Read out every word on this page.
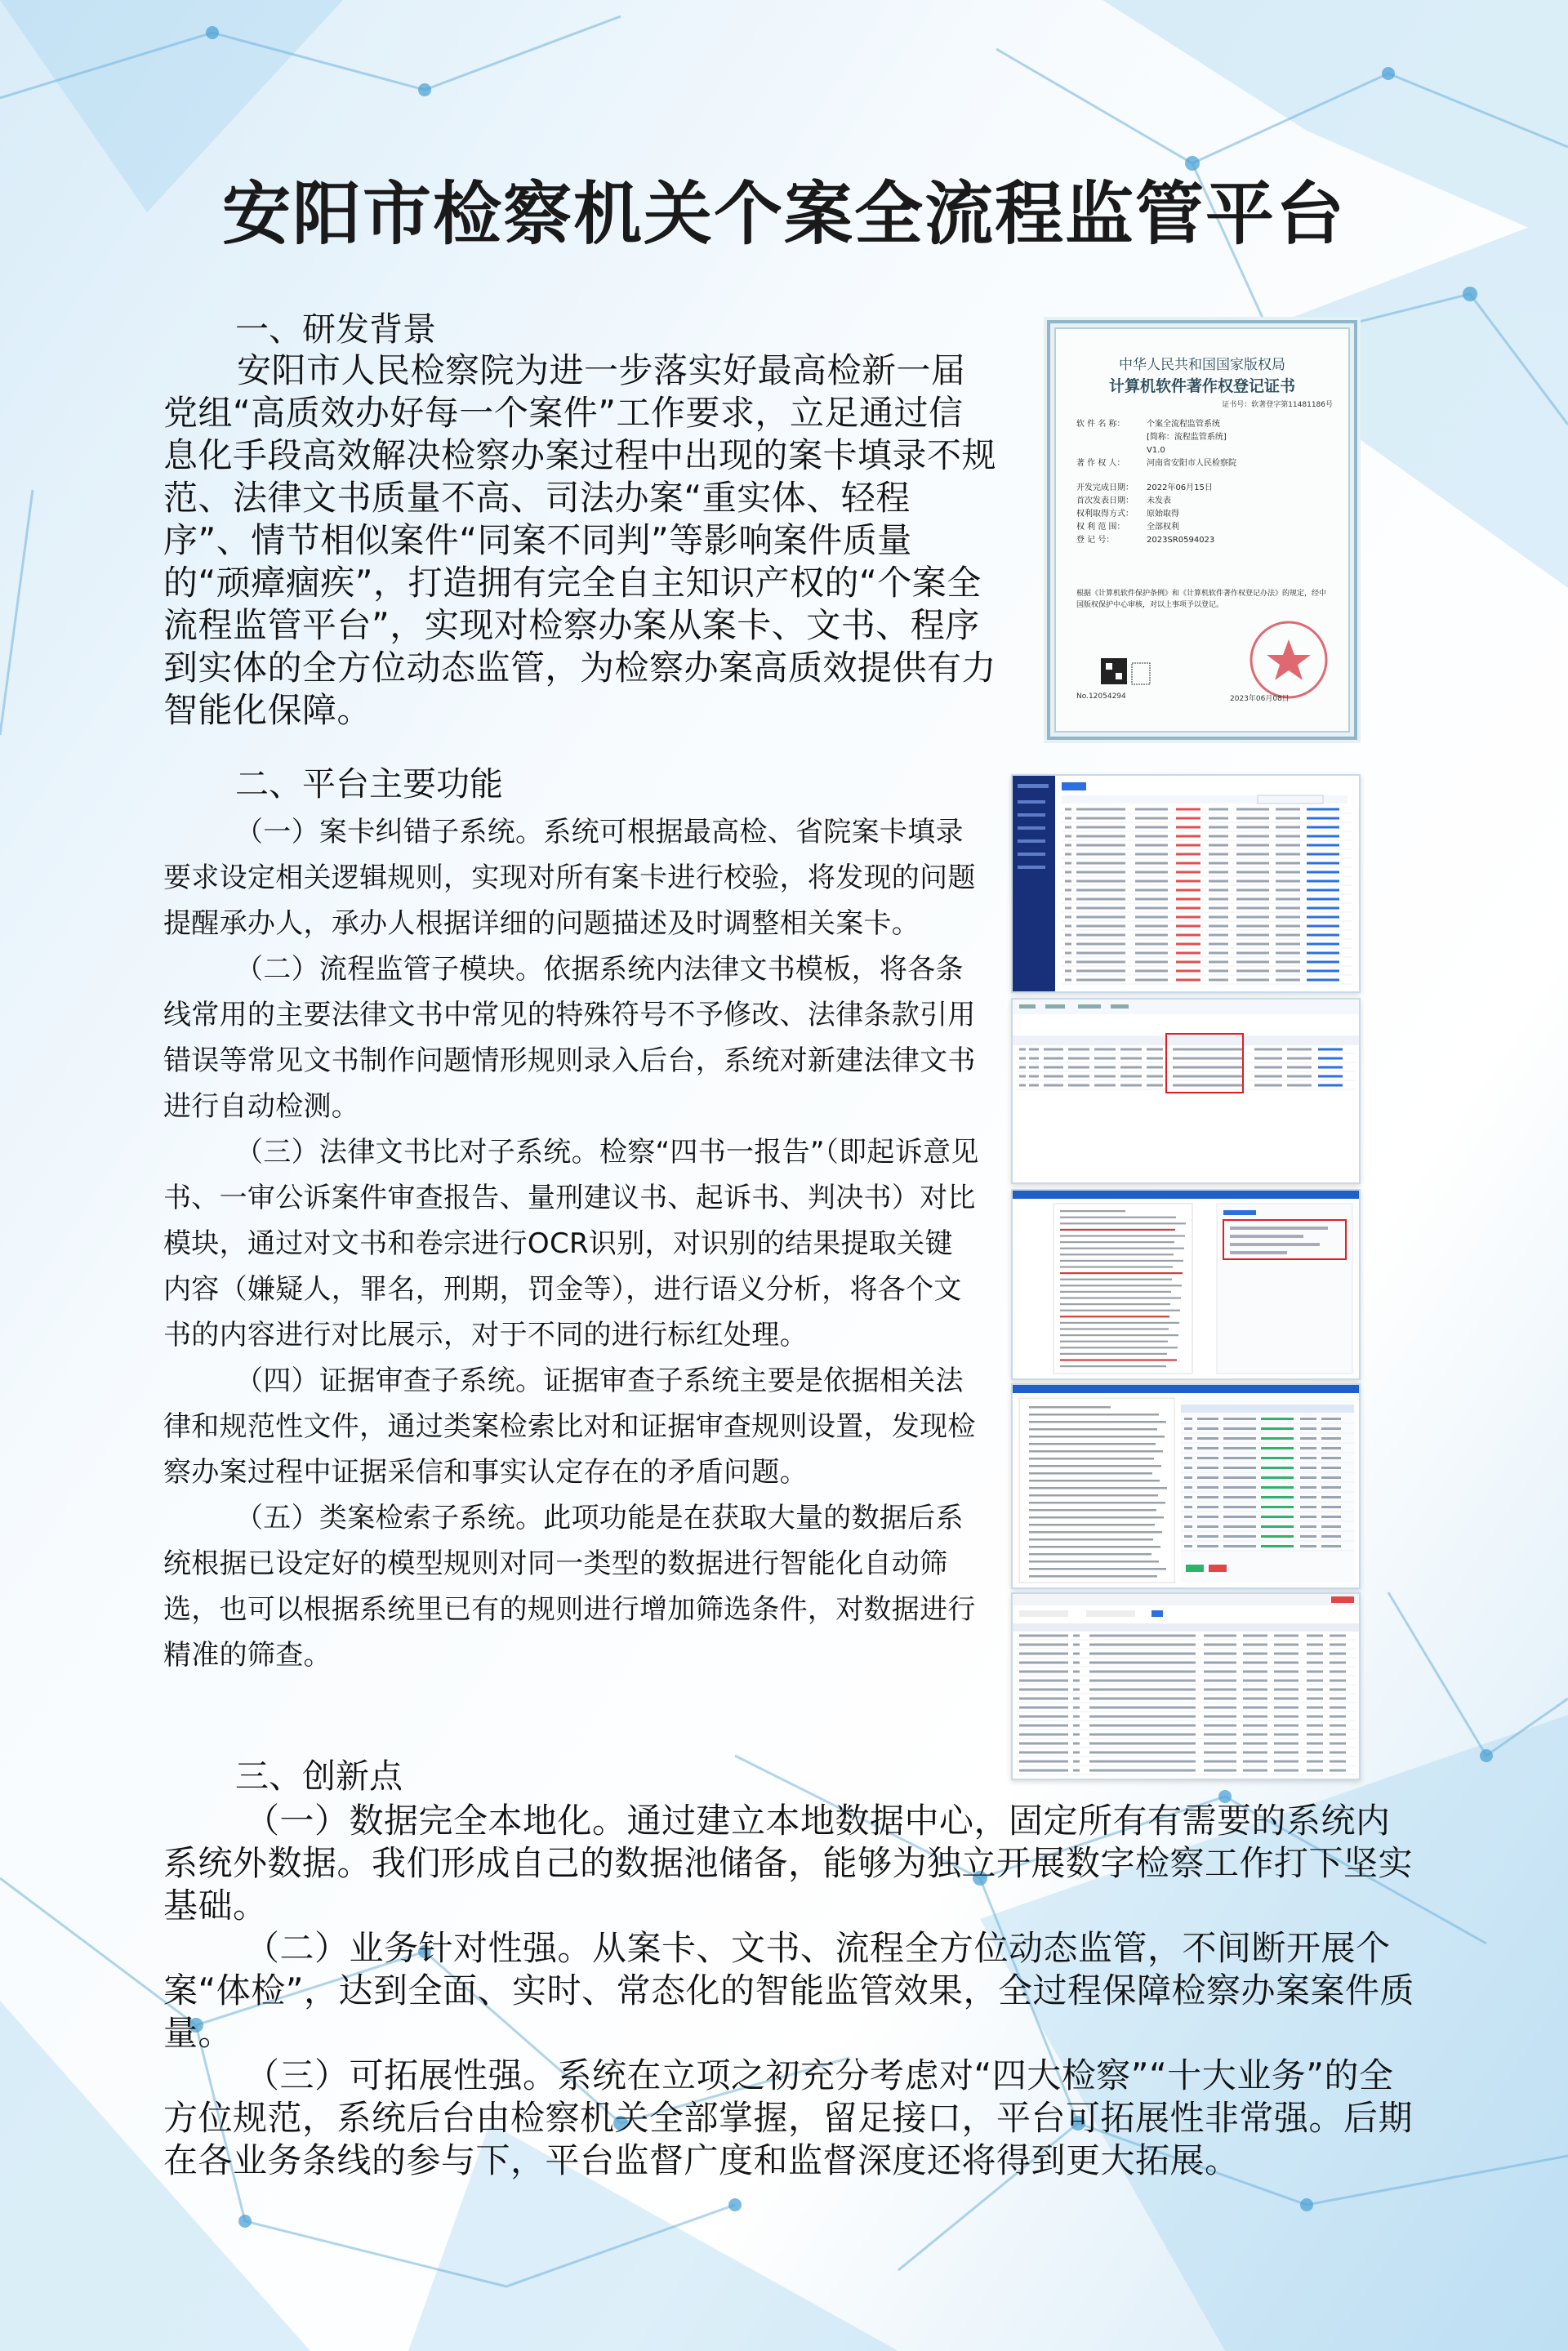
安阳市检察机关个案全流程监管平台
一、研发背景
安阳市人民检察院为进一步落实好最高检新一届党组“高质效办好每一个案件”工作要求，立足通过信息化手段高效解决检察办案过程中出现的案卡填录不规范、法律文书质量不高、司法办案“重实体、轻程序”、情节相似案件“同案不同判”等影响案件质量的“顽瘴痼疾”，打造拥有完全自主知识产权的“个案全流程监管平台”，实现对检察办案从案卡、文书、程序到实体的全方位动态监管，为检察办案高质效提供有力智能化保障。
中华人民共和国国家版权局
计算机软件著作权登记证书
证书号：软著登字第11481186号
软 件 名 称：	个案全流程监管系统
[简称：流程监管系统]
V1.0
著 作 权 人：	河南省安阳市人民检察院
开发完成日期： 2022年06月15日
首次发表日期： 未发表
权利取得方式： 原始取得
权 利 范 围：	全部权利
登 记 号：	2023SR0594023
根据《计算机软件保护条例》和《计算机软件著作权登记办法》的规定，经中国版权保护中心审核，对以上事项予以登记。
No.12054294	2023年06月08日
二、平台主要功能
（一）案卡纠错子系统。系统可根据最高检、省院案卡填录要求设定相关逻辑规则，实现对所有案卡进行校验，将发现的问题提醒承办人，承办人根据详细的问题描述及时调整相关案卡。
（二）流程监管子模块。依据系统内法律文书模板，将各条线常用的主要法律文书中常见的特殊符号不予修改、法律条款引用错误等常见文书制作问题情形规则录入后台，系统对新建法律文书进行自动检测。
（三）法律文书比对子系统。检察“四书一报告”（即起诉意见书、一审公诉案件审查报告、量刑建议书、起诉书、判决书）对比模块，通过对文书和卷宗进行OCR识别，对识别的结果提取关键内容（嫌疑人，罪名，刑期，罚金等），进行语义分析，将各个文书的内容进行对比展示，对于不同的进行标红处理。
（四）证据审查子系统。证据审查子系统主要是依据相关法律和规范性文件，通过类案检索比对和证据审查规则设置，发现检察办案过程中证据采信和事实认定存在的矛盾问题。
（五）类案检索子系统。此项功能是在获取大量的数据后系统根据已设定好的模型规则对同一类型的数据进行智能化自动筛选，也可以根据系统里已有的规则进行增加筛选条件，对数据进行精准的筛查。
三、创新点
（一）数据完全本地化。通过建立本地数据中心，固定所有有需要的系统内系统外数据。我们形成自己的数据池储备，能够为独立开展数字检察工作打下坚实基础。
（二）业务针对性强。从案卡、文书、流程全方位动态监管，不间断开展个案“体检”，达到全面、实时、常态化的智能监管效果，全过程保障检察办案案件质量。
（三）可拓展性强。系统在立项之初充分考虑对“四大检察”“十大业务”的全方位规范，系统后台由检察机关全部掌握，留足接口，平台可拓展性非常强。后期在各业务条线的参与下，平台监督广度和监督深度还将得到更大拓展。
